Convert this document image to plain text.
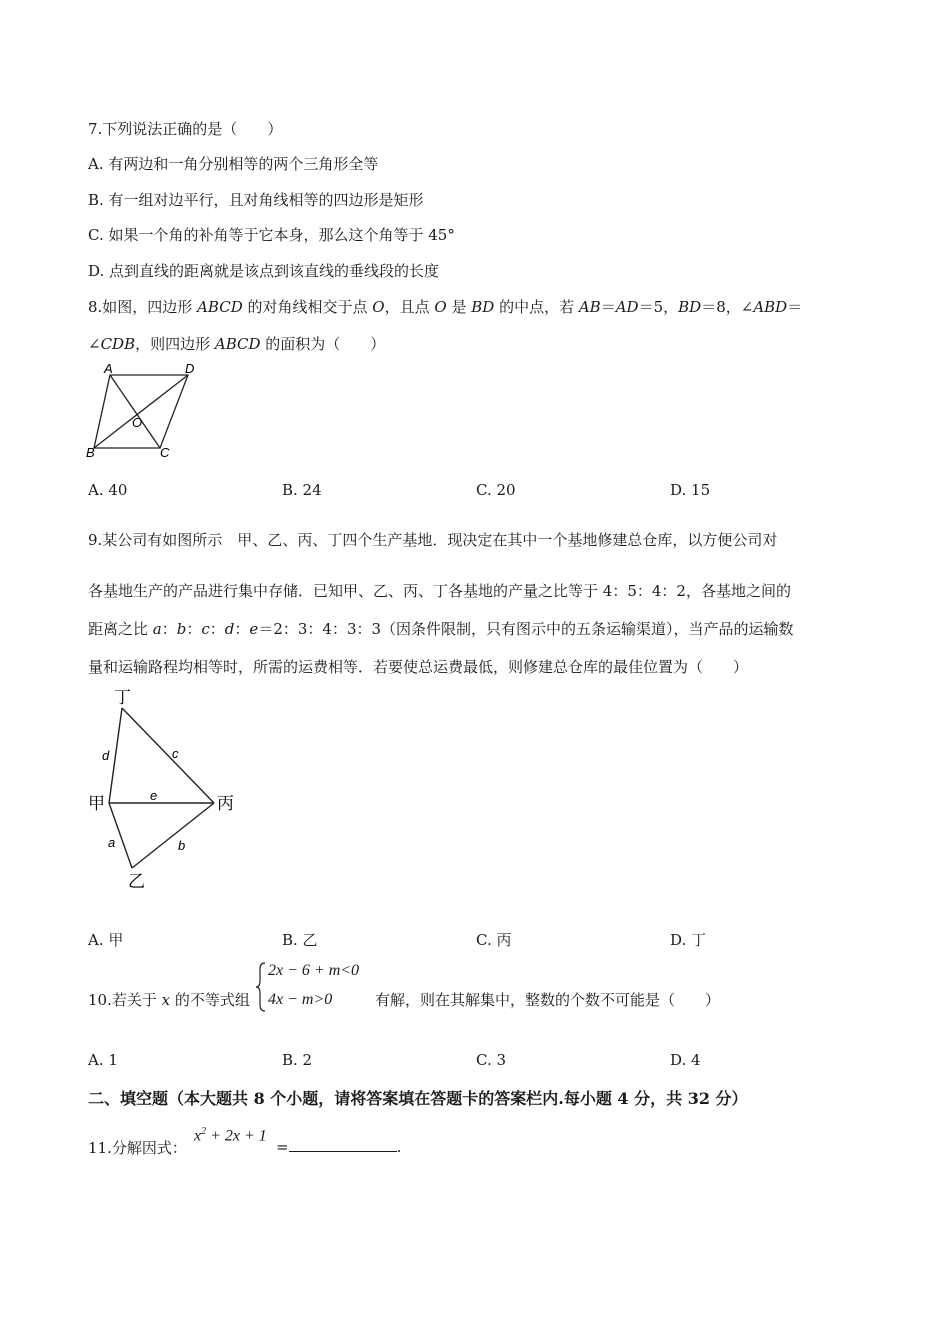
7.下列说法正确的是（　　）
A. 有两边和一角分别相等的两个三角形全等
B. 有一组对边平行，且对角线相等的四边形是矩形
C. 如果一个角的补角等于它本身，那么这个角等于 45°
D. 点到直线的距离就是该点到该直线的垂线段的长度
8.如图，四边形 ABCD 的对角线相交于点 O，且点 O 是 BD 的中点，若 AB＝AD＝5，BD＝8，∠ABD＝
∠CDB，则四边形 ABCD 的面积为（　　）
A	D
B	C
O
A. 40	B. 24	C. 20	D. 15
9.某公司有如图所示　甲、乙、丙、丁四个生产基地．现决定在其中一个基地修建总仓库，以方便公司对
各基地生产的产品进行集中存储．已知甲、乙、丙、丁各基地的产量之比等于 4：5：4：2，各基地之间的
距离之比 a：b：c：d：e＝2：3：4：3：3（因条件限制，只有图示中的五条运输渠道），当产品的运输数
量和运输路程均相等时，所需的运费相等．若要使总运费最低，则修建总仓库的最佳位置为（　　）
丁
甲	丙
乙
d	c
e
a	b
A. 甲	B. 乙	C. 丙	D. 丁
10.若关于 x 的不等式组
2x − 6 + m<0
4x − m>0	有解，则在其解集中，整数的个数不可能是（　　）
A. 1	B. 2	C. 3	D. 4
二、填空题（本大题共 8 个小题，请将答案填在答题卡的答案栏内.每小题 4 分，共 32 分）
11.分解因式：
$x^2 + 2x + 1$
=	.
